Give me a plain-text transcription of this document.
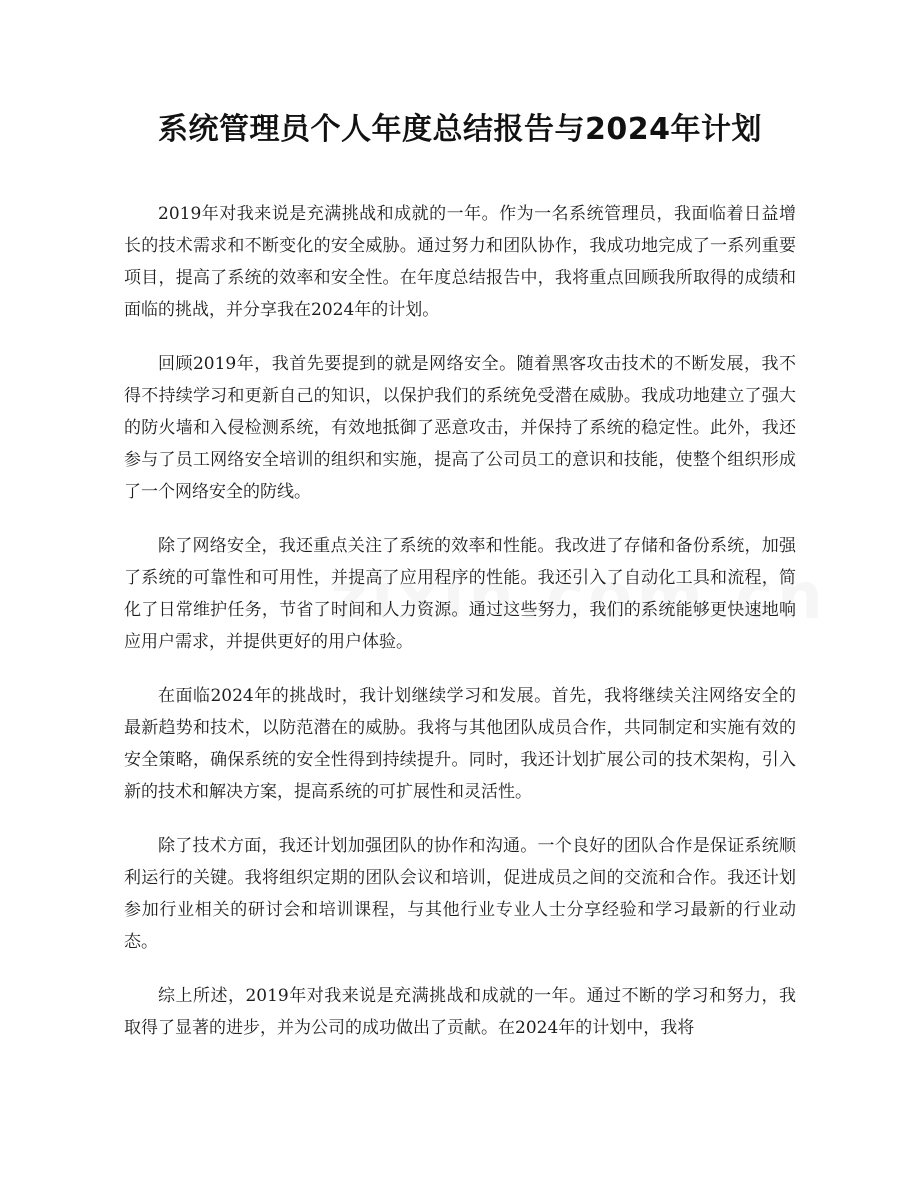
系统管理员个人年度总结报告与2024年计划

2019年对我来说是充满挑战和成就的一年。作为一名系统管理员，我面临着日益增长的技术需求和不断变化的安全威胁。通过努力和团队协作，我成功地完成了一系列重要项目，提高了系统的效率和安全性。在年度总结报告中，我将重点回顾我所取得的成绩和面临的挑战，并分享我在2024年的计划。

回顾2019年，我首先要提到的就是网络安全。随着黑客攻击技术的不断发展，我不得不持续学习和更新自己的知识，以保护我们的系统免受潜在威胁。我成功地建立了强大的防火墙和入侵检测系统，有效地抵御了恶意攻击，并保持了系统的稳定性。此外，我还参与了员工网络安全培训的组织和实施，提高了公司员工的意识和技能，使整个组织形成了一个网络安全的防线。

除了网络安全，我还重点关注了系统的效率和性能。我改进了存储和备份系统，加强了系统的可靠性和可用性，并提高了应用程序的性能。我还引入了自动化工具和流程，简化了日常维护任务，节省了时间和人力资源。通过这些努力，我们的系统能够更快速地响应用户需求，并提供更好的用户体验。

在面临2024年的挑战时，我计划继续学习和发展。首先，我将继续关注网络安全的最新趋势和技术，以防范潜在的威胁。我将与其他团队成员合作，共同制定和实施有效的安全策略，确保系统的安全性得到持续提升。同时，我还计划扩展公司的技术架构，引入新的技术和解决方案，提高系统的可扩展性和灵活性。

除了技术方面，我还计划加强团队的协作和沟通。一个良好的团队合作是保证系统顺利运行的关键。我将组织定期的团队会议和培训，促进成员之间的交流和合作。我还计划参加行业相关的研讨会和培训课程，与其他行业专业人士分享经验和学习最新的行业动态。

综上所述，2019年对我来说是充满挑战和成就的一年。通过不断的学习和努力，我取得了显著的进步，并为公司的成功做出了贡献。在2024年的计划中，我将
